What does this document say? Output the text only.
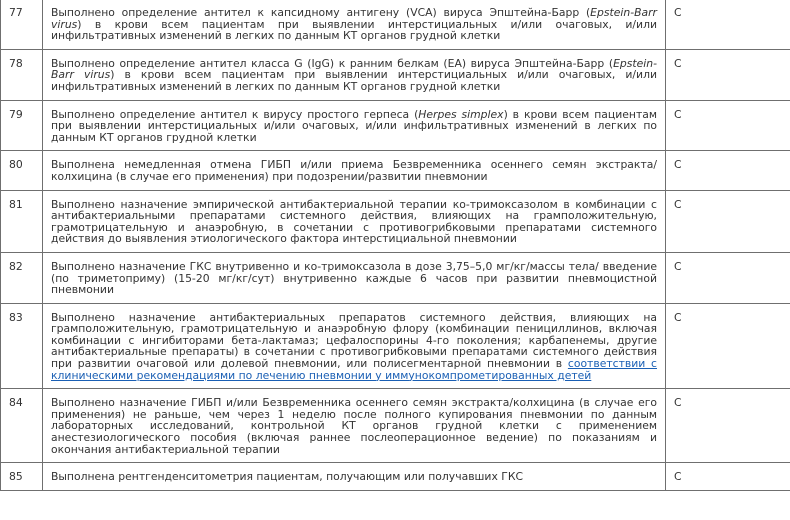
77	Выполнено определение антител к капсидному антигену (VCA) вируса Эпштейна-Барр (Epstein-Barr virus) в крови всем пациентам при выявлении интерстициальных и/или очаговых, и/или инфильтративных изменений в легких по данным КТ органов грудной клетки	C
78	Выполнено определение антител класса G (IgG) к ранним белкам (EA) вируса Эпштейна-Барр (Epstein-Barr virus) в крови всем пациентам при выявлении интерстициальных и/или очаговых, и/или инфильтративных изменений в легких по данным КТ органов грудной клетки	C
79	Выполнено определение антител к вирусу простого герпеса (Herpes simplex) в крови всем пациентам при выявлении интерстициальных и/или очаговых, и/или инфильтративных изменений в легких по данным КТ органов грудной клетки	C
80	Выполнена немедленная отмена ГИБП и/или приема Безвременника осеннего семян экстракта/ колхицина (в случае его применения) при подозрении/развитии пневмонии	C
81	Выполнено назначение эмпирической антибактериальной терапии ко-тримоксазолом в комбинации с антибактериальными препаратами системного действия, влияющих на грамположительную, грамотрицательную и анаэробную, в сочетании с противогрибковыми препаратами системного действия до выявления этиологического фактора интерстициальной пневмонии	C
82	Выполнено назначение ГКС внутривенно и ко-тримоксазола в дозе 3,75–5,0 мг/кг/массы тела/ введение (по триметоприму) (15-20 мг/кг/сут) внутривенно каждые 6 часов при развитии пневмоцистной пневмонии	C
83	Выполнено назначение антибактериальных препаратов системного действия, влияющих на грамположительную, грамотрицательную и анаэробную флору (комбинации пенициллинов, включая комбинации с ингибиторами бета-лактамаз; цефалоспорины 4-го поколения; карбапенемы, другие антибактериальные препараты) в сочетании с противогрибковыми препаратами системного действия при развитии очаговой или долевой пневмонии, или полисегментарной пневмонии в соответствии с клиническими рекомендациями по лечению пневмонии у иммунокомпрометированных детей	C
84	Выполнено назначение ГИБП и/или Безвременника осеннего семян экстракта/колхицина (в случае его применения) не раньше, чем через 1 неделю после полного купирования пневмонии по данным лабораторных исследований, контрольной КТ органов грудной клетки с применением анестезиологического пособия (включая раннее послеоперационное ведение) по показаниям и окончания антибактериальной терапии	C
85	Выполнена рентгенденситометрия пациентам, получающим или получавших ГКС	C
